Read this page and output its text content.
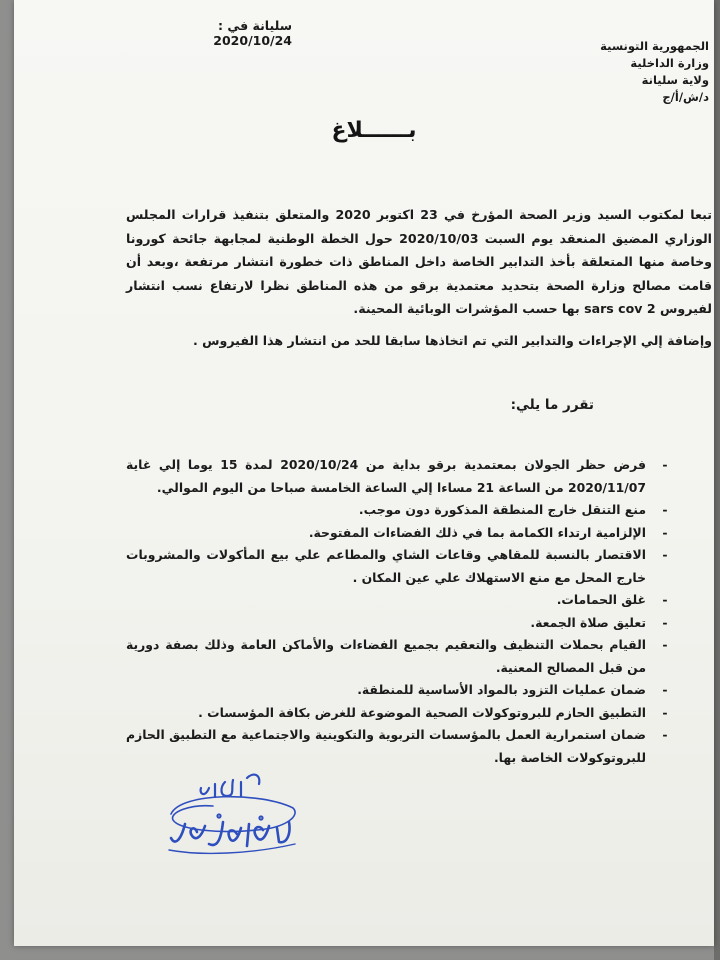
سليانة في : 2020/10/24	الجمهورية التونسية
وزارة الداخلية
ولاية سليانة
د/ش/أ/ج
بــــــلاغ

تبعا لمكتوب السيد وزير الصحة المؤرخ في 23 اكتوبر 2020 والمتعلق بتنفيذ قرارات المجلس الوزاري المضيق المنعقد يوم السبت 2020/10/03 حول الخطة الوطنية لمجابهة جائحة كورونا وخاصة منها المتعلقة بأخذ التدابير الخاصة داخل المناطق ذات خطورة انتشار مرتفعة ،وبعد أن قامت مصالح وزارة الصحة بتحديد معتمدية برقو من هذه المناطق نظرا لارتفاع نسب انتشار لفيروس sars cov 2 بها حسب المؤشرات الوبائية المحينة.

وإضافة إلي الإجراءات والتدابير التي تم اتخاذها سابقا للحد من انتشار هذا الفيروس .

تقرر ما يلي:
-
فرض حظر الجولان بمعتمدية برقو بداية من 2020/10/24 لمدة 15 يوما إلي غاية 2020/11/07 من الساعة 21 مساءا إلي الساعة الخامسة صباحا من اليوم الموالي.
-
منع التنقل خارج المنطقة المذكورة دون موجب.
-
الإلزامية ارتداء الكمامة بما في ذلك الفضاءات المفتوحة.
-
الاقتصار بالنسبة للمقاهي وقاعات الشاي والمطاعم علي بيع المأكولات والمشروبات خارج المحل مع منع الاستهلاك علي عين المكان .
-
غلق الحمامات.
-
تعليق صلاة الجمعة.
-
القيام بحملات التنظيف والتعقيم بجميع الفضاءات والأماكن العامة وذلك بصفة دورية من قبل المصالح المعنية.
-
ضمان عمليات التزود بالمواد الأساسية للمنطقة.
-
التطبيق الحازم للبروتوكولات الصحية الموضوعة للغرض بكافة المؤسسات .
-
ضمان استمرارية العمل بالمؤسسات التربوية والتكوينية والاجتماعية مع التطبيق الحازم للبروتوكولات الخاصة بها.
